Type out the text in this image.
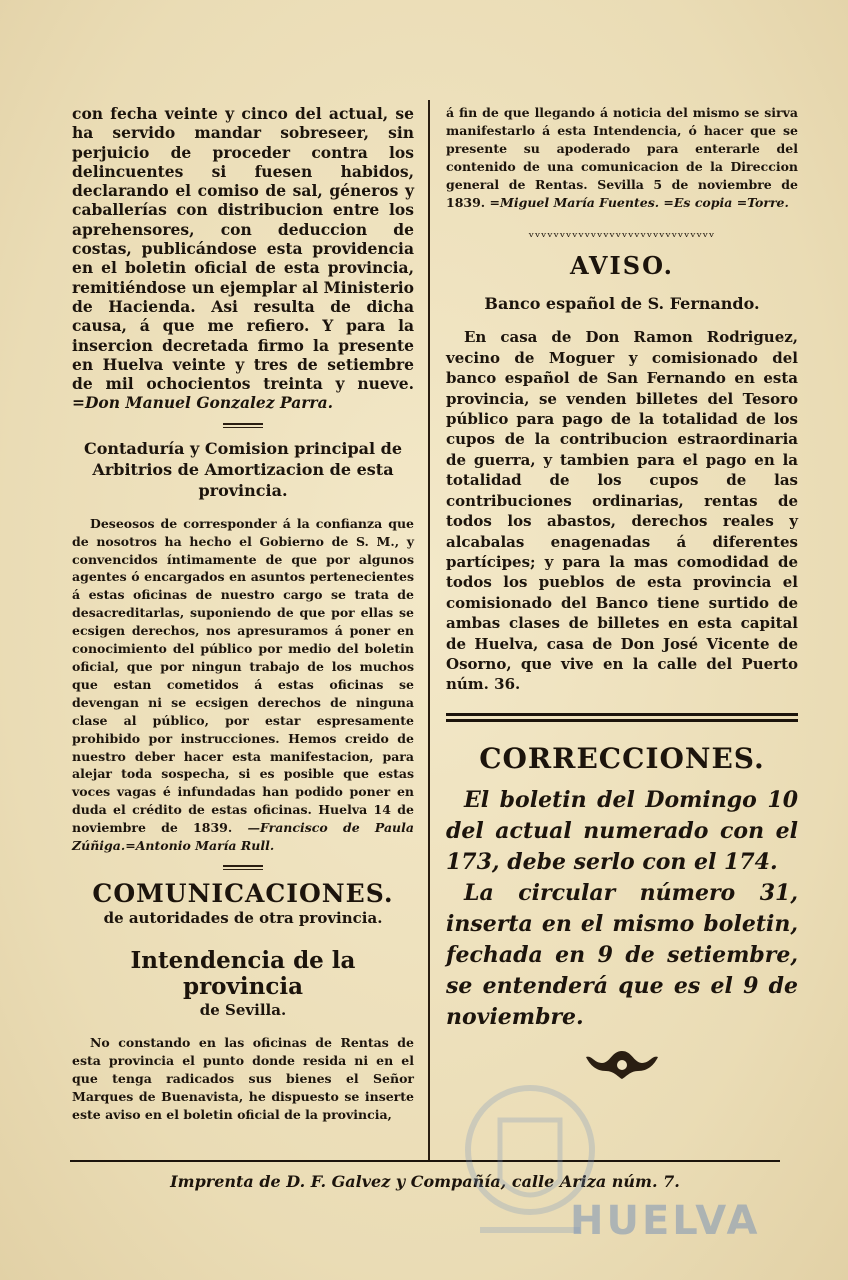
con fecha veinte y cinco del actual, se ha servido mandar sobreseer, sin perjuicio de proceder contra los delincuentes si fuesen habidos, declarando el comiso de sal, géneros y caballerías con distribucion entre los aprehensores, con deduccion de costas, publicándose esta providencia en el boletin oficial de esta provincia, remitiéndose un ejemplar al Ministerio de Hacienda. Asi resulta de dicha causa, á que me refiero. Y para la insercion decretada firmo la presente en Huelva veinte y tres de setiembre de mil ochocientos treinta y nueve. =Don Manuel Gonzalez Parra.

Contaduría y Comision principal de Arbitrios de Amortizacion de esta provincia.

Deseosos de corresponder á la confianza que de nosotros ha hecho el Gobierno de S. M., y convencidos íntimamente de que por algunos agentes ó encargados en asuntos pertenecientes á estas oficinas de nuestro cargo se trata de desacreditarlas, suponiendo de que por ellas se ecsigen derechos, nos apresuramos á poner en conocimiento del público por medio del boletin oficial, que por ningun trabajo de los muchos que estan cometidos á estas oficinas se devengan ni se ecsigen derechos de ninguna clase al público, por estar espresamente prohibido por instrucciones. Hemos creido de nuestro deber hacer esta manifestacion, para alejar toda sospecha, si es posible que estas voces vagas é infundadas han podido poner en duda el crédito de estas oficinas. Huelva 14 de noviembre de 1839. —Francisco de Paula Zúñiga.=Antonio María Rull.

COMUNICACIONES.

de autoridades de otra provincia.

Intendencia de la provincia

de Sevilla.

No constando en las oficinas de Rentas de esta provincia el punto donde resida ni en el que tenga radicados sus bienes el Señor Marques de Buenavista, he dispuesto se inserte este aviso en el boletin oficial de la provincia,

á fin de que llegando á noticia del mismo se sirva manifestarlo á esta Intendencia, ó hacer que se presente su apoderado para enterarle del contenido de una comunicacion de la Direccion general de Rentas. Sevilla 5 de noviembre de 1839. =Miguel María Fuentes. =Es copia =Torre.

ᵥᵥᵥᵥᵥᵥᵥᵥᵥᵥᵥᵥᵥᵥᵥᵥᵥᵥᵥᵥᵥᵥᵥᵥᵥᵥᵥᵥᵥᵥ

AVISO.

Banco español de S. Fernando.

En casa de Don Ramon Rodriguez, vecino de Moguer y comisionado del banco español de San Fernando en esta provincia, se venden billetes del Tesoro público para pago de la totalidad de los cupos de la contribucion estraordinaria de guerra, y tambien para el pago en la totalidad de los cupos de las contribuciones ordinarias, rentas de todos los abastos, derechos reales y alcabalas enagenadas á diferentes partícipes; y para la mas comodidad de todos los pueblos de esta provincia el comisionado del Banco tiene surtido de ambas clases de billetes en esta capital de Huelva, casa de Don José Vicente de Osorno, que vive en la calle del Puerto núm. 36.

CORRECCIONES.

El boletin del Domingo 10 del actual numerado con el 173, debe serlo con el 174.

La circular número 31, inserta en el mismo boletin, fechada en 9 de setiembre, se entenderá que es el 9 de noviembre.

Imprenta de D. F. Galvez y Compañía, calle Ariza núm. 7.

HUELVA
